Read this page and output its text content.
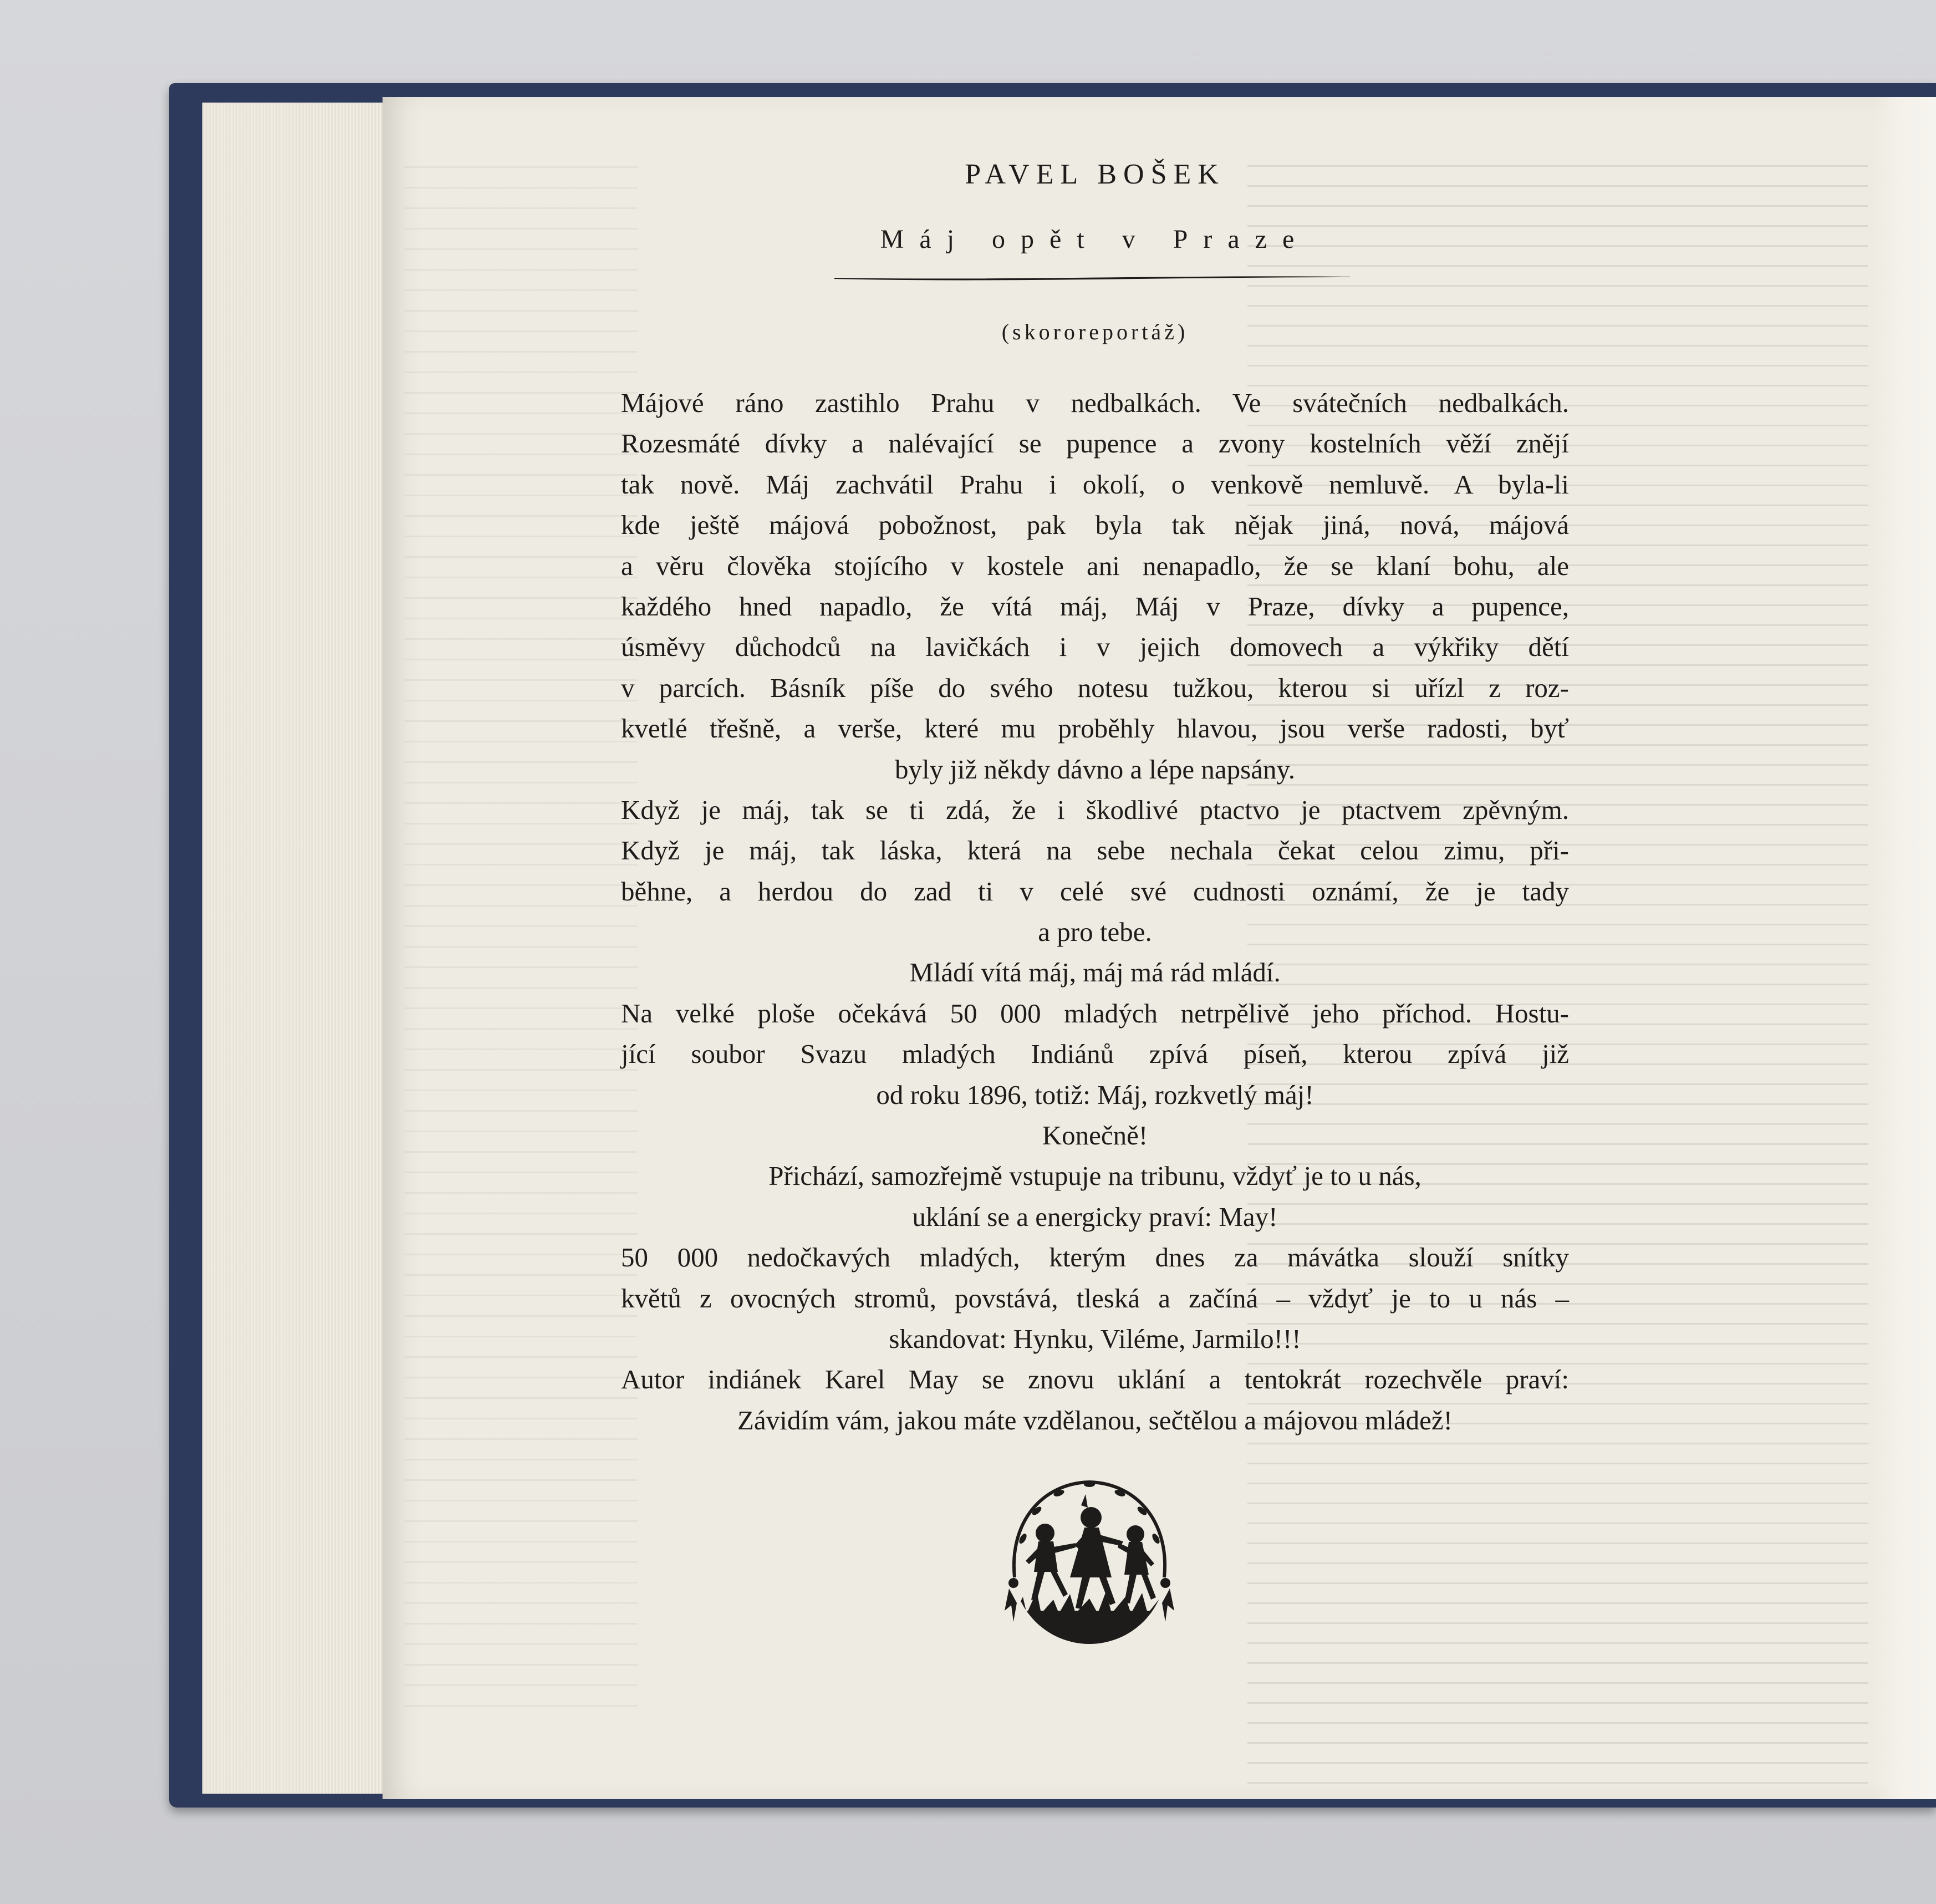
PAVEL BOŠEK
Máj opět v Praze
(skororeportáž)
Májové ráno zastihlo Prahu v nedbalkách. Ve svátečních nedbalkách.
Rozesmáté dívky a nalévající se pupence a zvony kostelních věží znějí
tak nově. Máj zachvátil Prahu i okolí, o venkově nemluvě. A byla-li
kde ještě májová pobožnost, pak byla tak nějak jiná, nová, májová
a věru člověka stojícího v kostele ani nenapadlo, že se klaní bohu, ale
každého hned napadlo, že vítá máj, Máj v Praze, dívky a pupence,
úsměvy důchodců na lavičkách i v jejich domovech a výkřiky dětí
v parcích. Básník píše do svého notesu tužkou, kterou si uřízl z roz-
kvetlé třešně, a verše, které mu proběhly hlavou, jsou verše radosti, byť
byly již někdy dávno a lépe napsány.
Když je máj, tak se ti zdá, že i škodlivé ptactvo je ptactvem zpěvným.
Když je máj, tak láska, která na sebe nechala čekat celou zimu, při-
běhne, a herdou do zad ti v celé své cudnosti oznámí, že je tady
a pro tebe.
Mládí vítá máj, máj má rád mládí.
Na velké ploše očekává 50 000 mladých netrpělivě jeho příchod. Hostu-
jící soubor Svazu mladých Indiánů zpívá píseň, kterou zpívá již
od roku 1896, totiž: Máj, rozkvetlý máj!
Konečně!
Přichází, samozřejmě vstupuje na tribunu, vždyť je to u nás,
uklání se a energicky praví: May!
50 000 nedočkavých mladých, kterým dnes za mávátka slouží snítky
květů z ovocných stromů, povstává, tleská a začíná – vždyť je to u nás –
skandovat: Hynku, Viléme, Jarmilo!!!
Autor indiánek Karel May se znovu uklání a tentokrát rozechvěle praví:
Závidím vám, jakou máte vzdělanou, sečtělou a májovou mládež!
